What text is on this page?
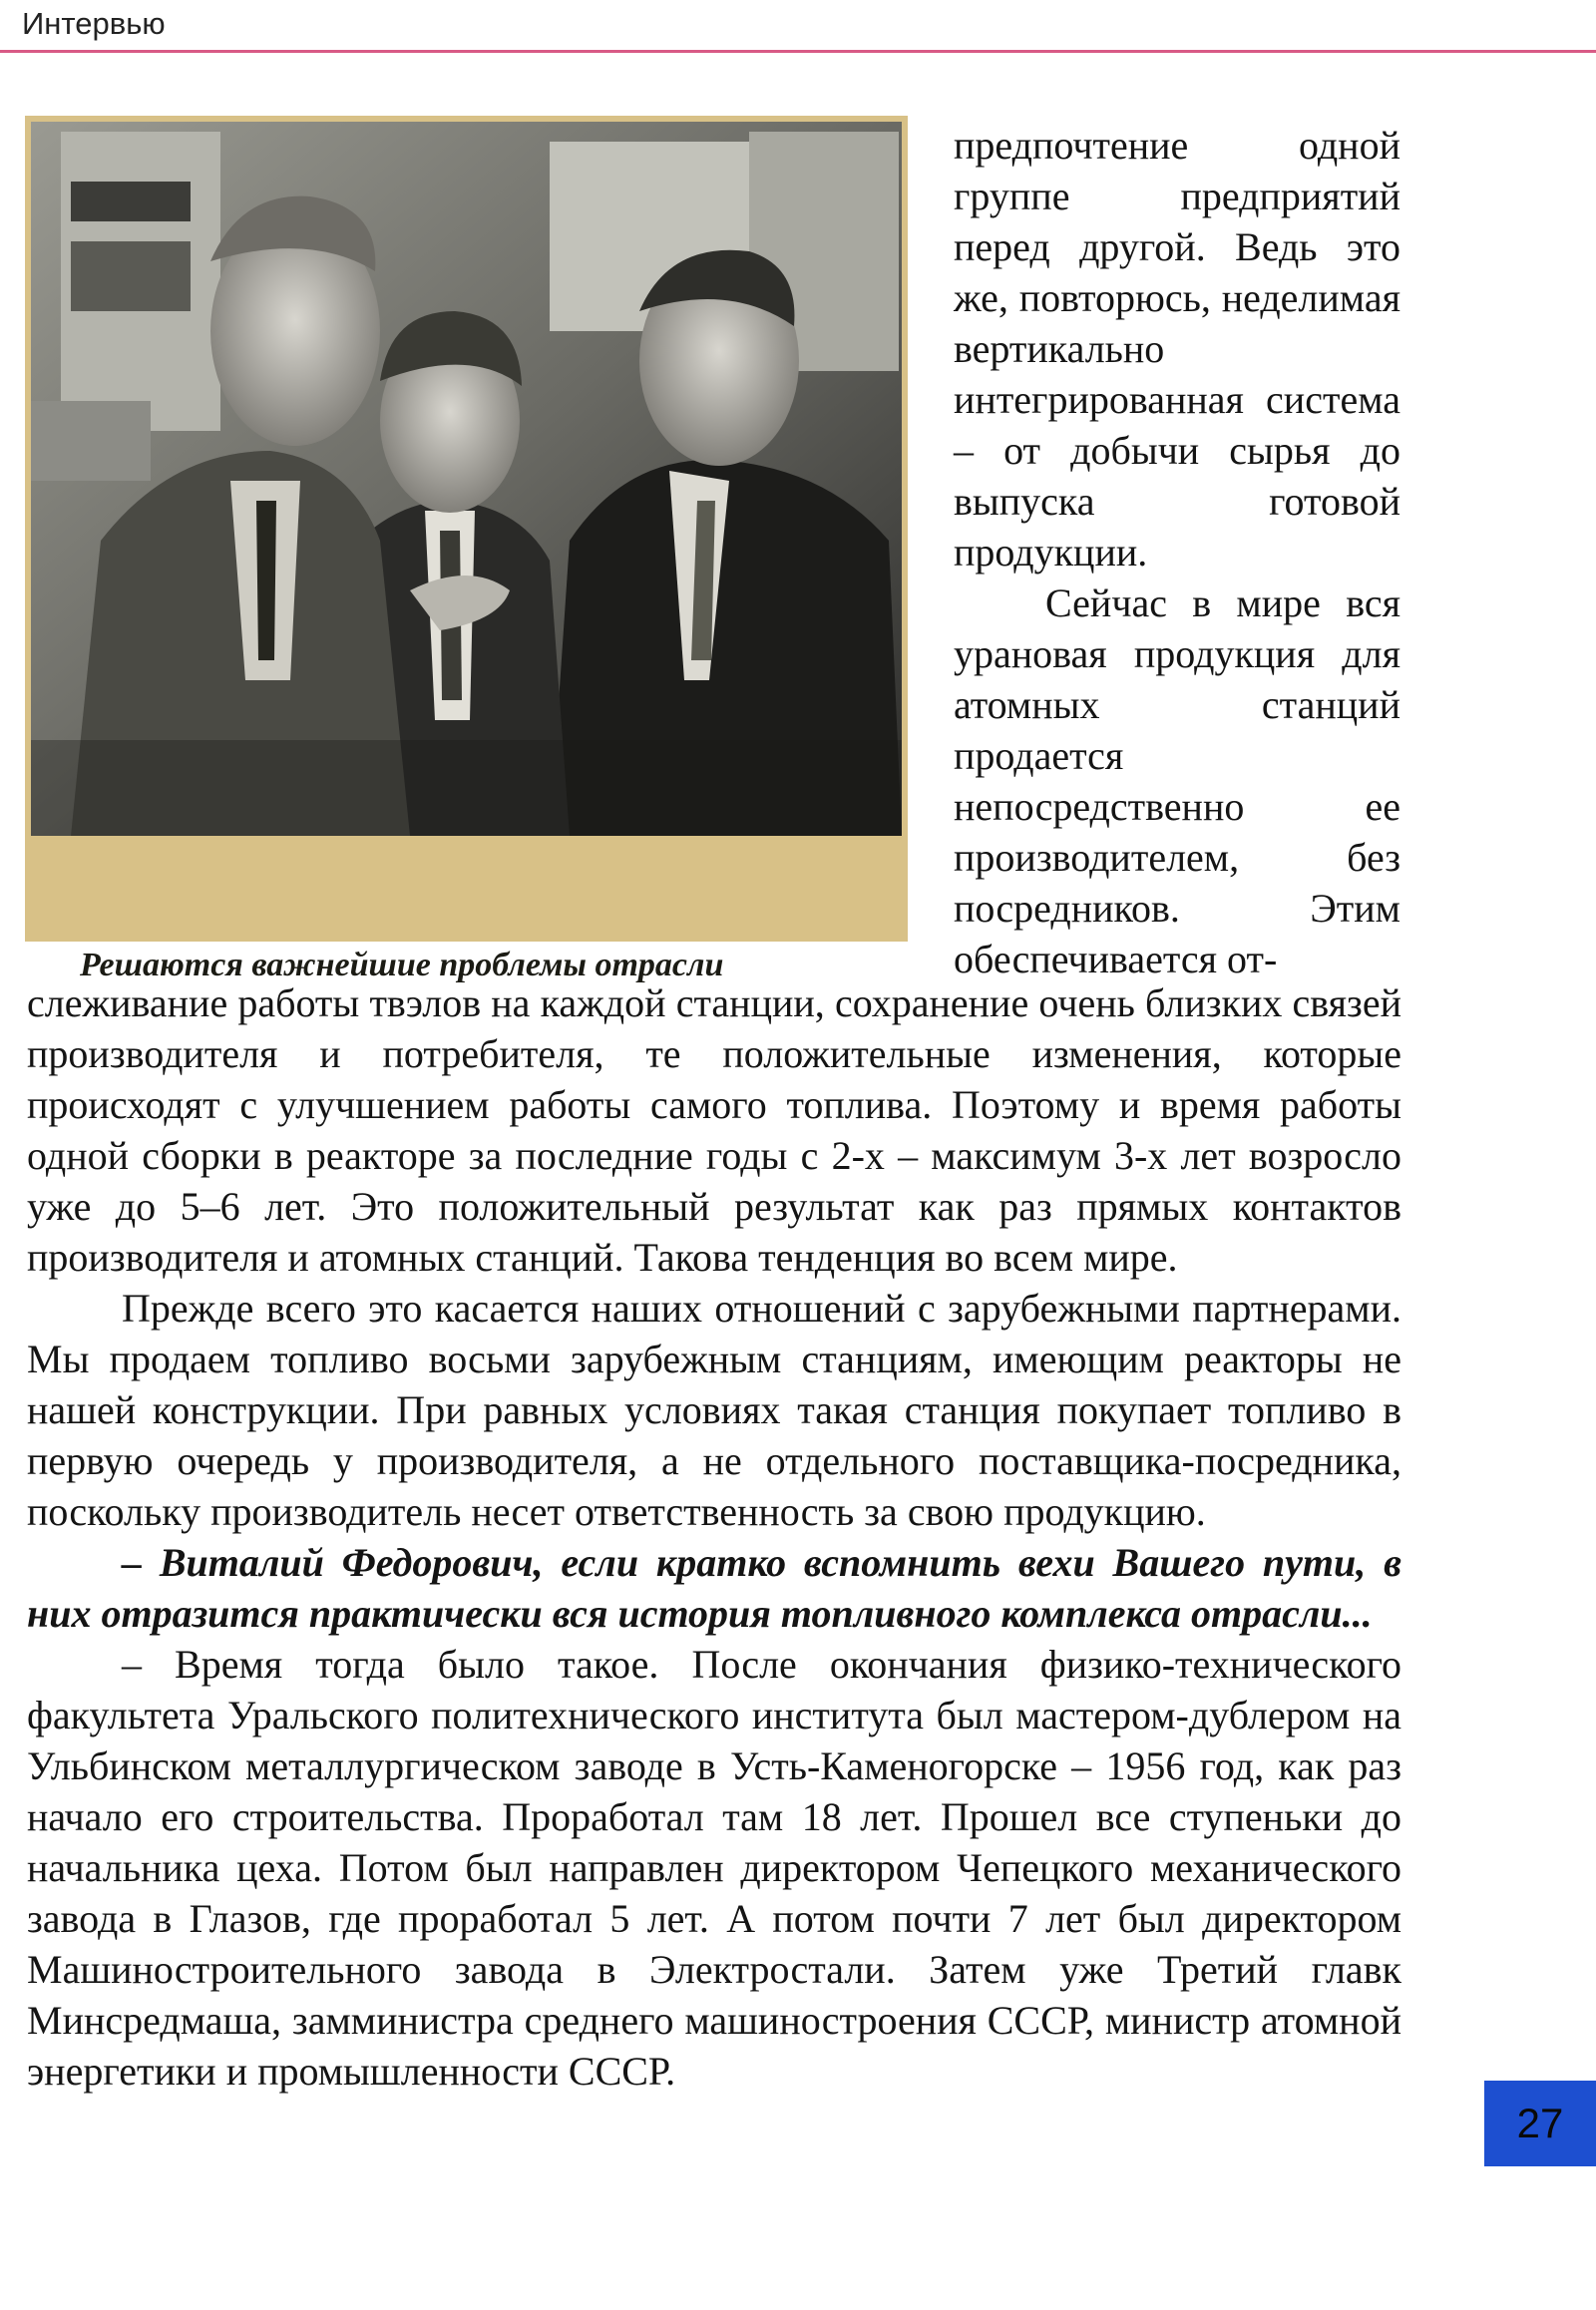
Интервью
Решаются важнейшие проблемы отрасли

предпочтение одной группе предприятий перед другой. Ведь это же, повторюсь, неделимая вертикально интегрированная система – от добычи сырья до выпуска готовой продукции.

Сейчас в мире вся урановая продукция для атомных станций продается непосредственно ее производителем, без посредников. Этим обеспечивается от-

слеживание работы твэлов на каждой станции, сохранение очень близких связей производителя и потребителя, те положительные изменения, которые происходят с улучшением работы самого топлива. Поэтому и время работы одной сборки в реакторе за последние годы с 2-х – максимум 3-х лет возросло уже до 5–6 лет. Это положительный результат как раз прямых контактов производителя и атомных станций. Такова тенденция во всем мире.

Прежде всего это касается наших отношений с зарубежными партнерами. Мы продаем топливо восьми зарубежным станциям, имеющим реакторы не нашей конструкции. При равных условиях такая станция покупает топливо в первую очередь у производителя, а не отдельного поставщика-посредника, поскольку производитель несет ответственность за свою продукцию.

– Виталий Федорович, если кратко вспомнить вехи Вашего пути, в них отразится практически вся история топливного комплекса отрасли...

– Время тогда было такое. После окончания физико-технического факультета Уральского политехнического института был мастером-дублером на Ульбинском металлургическом заводе в Усть-Каменогорске – 1956 год, как раз начало его строительства. Проработал там 18 лет. Прошел все ступеньки до начальника цеха. Потом был направлен директором Чепецкого механического завода в Глазов, где проработал 5 лет. А потом почти 7 лет был директором Машиностроительного завода в Электростали. Затем уже Третий главк Минсредмаша, замминистра среднего машиностроения СССР, министр атомной энергетики и промышленности СССР.

27
